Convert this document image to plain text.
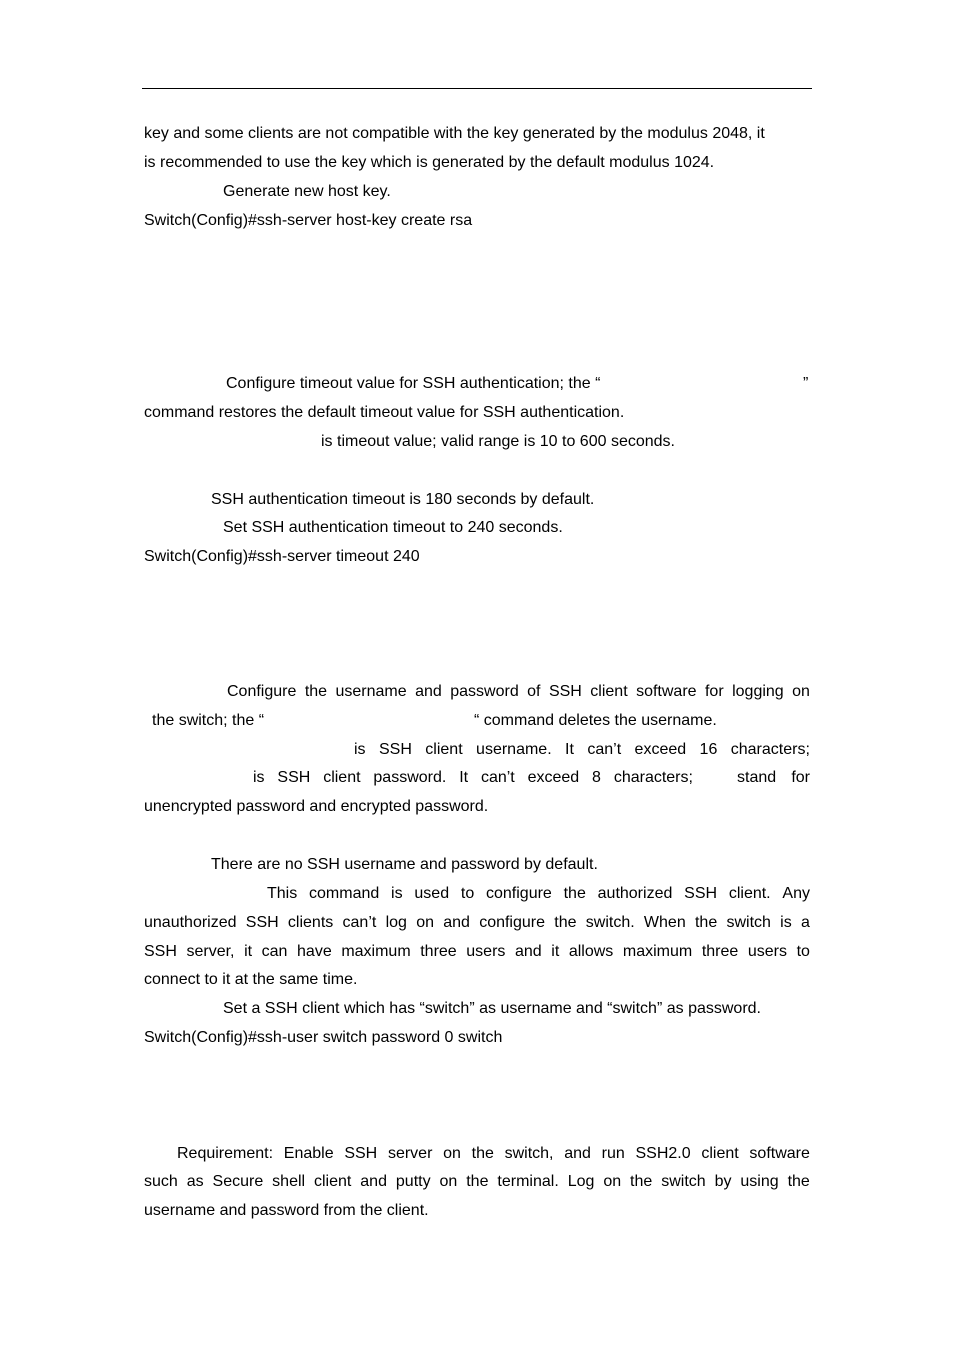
key and some clients are not compatible with the key generated by the modulus 2048, it
is recommended to use the key which is generated by the default modulus 1024.
Generate new host key.
Switch(Config)#ssh-server host-key create rsa
Configure timeout value for SSH authentication; the “	”
command restores the default timeout value for SSH authentication.
is timeout value; valid range is 10 to 600 seconds.
SSH authentication timeout is 180 seconds by default.
Set SSH authentication timeout to 240 seconds.
Switch(Config)#ssh-server timeout 240
Configure the username and password of SSH client software for logging on
the switch; the “	“ command deletes the username.
is SSH client username. It can’t exceed 16 characters;
is SSH client password. It can’t exceed 8 characters;	stand for
unencrypted password and encrypted password.
There are no SSH username and password by default.
This command is used to configure the authorized SSH client. Any
unauthorized SSH clients can’t log on and configure the switch. When the switch is a
SSH server, it can have maximum three users and it allows maximum three users to
connect to it at the same time.
Set a SSH client which has “switch” as username and “switch” as password.
Switch(Config)#ssh-user switch password 0 switch
Requirement: Enable SSH server on the switch, and run SSH2.0 client software
such as Secure shell client and putty on the terminal. Log on the switch by using the
username and password from the client.
